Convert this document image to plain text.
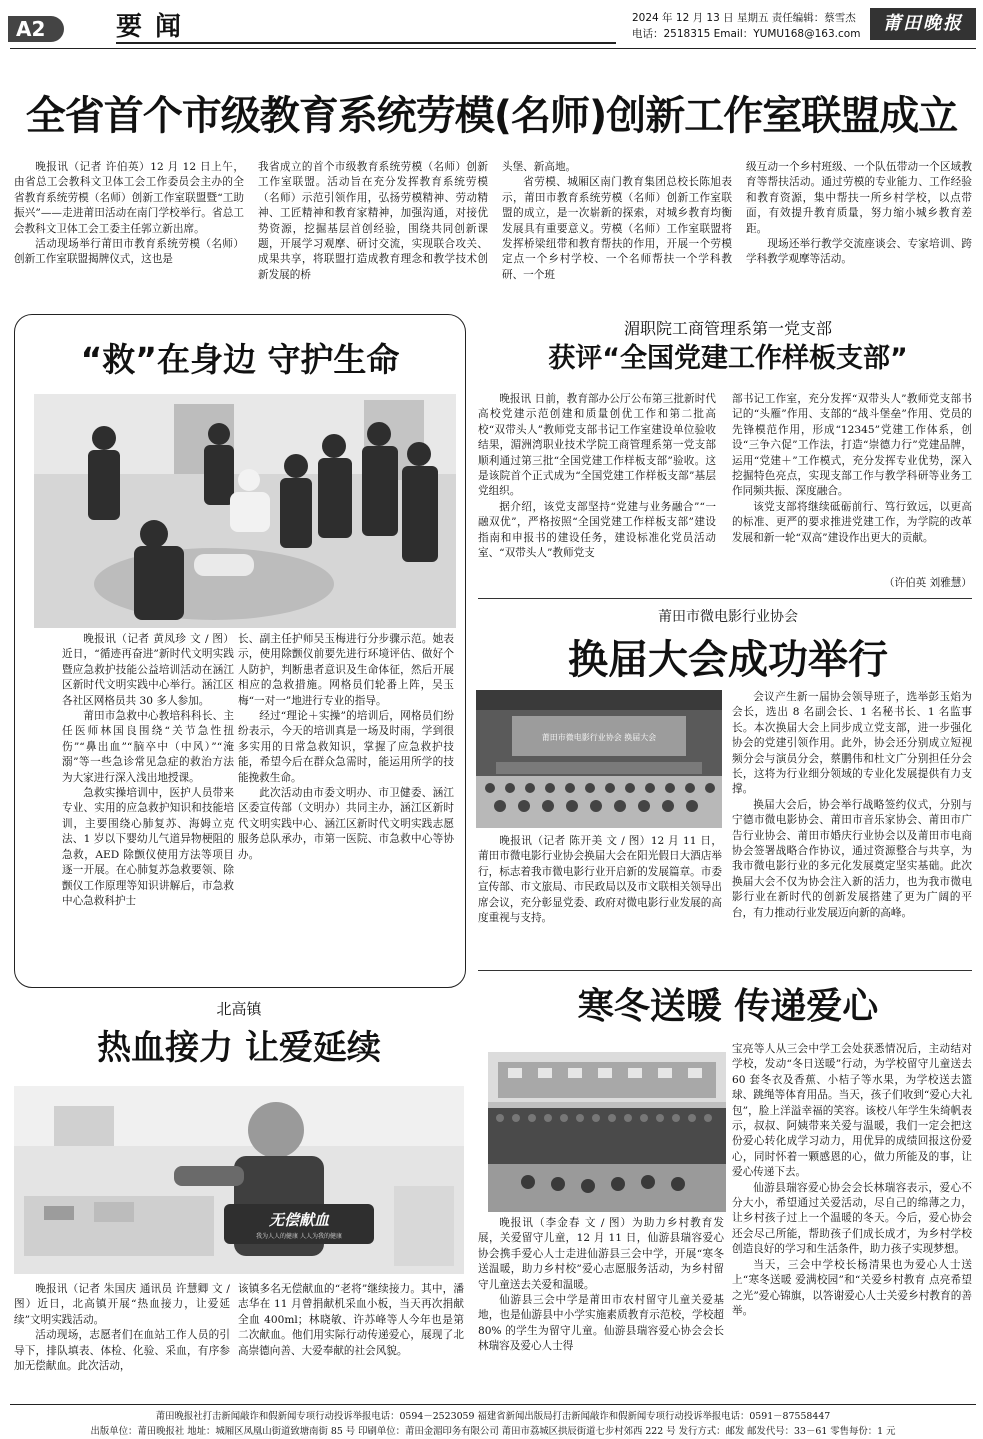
A2	要 闻	2024 年 12 月 13 日 星期五 责任编辑：蔡雪杰
电话：2518315 Email：YUMU168@163.com	莆田晚报
全省首个市级教育系统劳模(名师)创新工作室联盟成立

晚报讯（记者 许伯英）12 月 12 日上午，由省总工会教科文卫体工会工作委员会主办的全省教育系统劳模（名师）创新工作室联盟暨“工助振兴”——走进莆田活动在南门学校举行。省总工会教科文卫体工会工委主任郭立新出席。

活动现场举行莆田市教育系统劳模（名师）创新工作室联盟揭牌仪式，这也是

我省成立的首个市级教育系统劳模（名师）创新工作室联盟。活动旨在充分发挥教育系统劳模（名师）示范引领作用，弘扬劳模精神、劳动精神、工匠精神和教育家精神，加强沟通，对接优势资源，挖掘基层首创经验，围绕共同创新课题，开展学习观摩、研讨交流，实现联合攻关、成果共享，将联盟打造成教育理念和教学技术创新发展的桥

头堡、新高地。

省劳模、城厢区南门教育集团总校长陈旭表示，莆田市教育系统劳模（名师）创新工作室联盟的成立，是一次崭新的探索，对城乡教育均衡发展具有重要意义。劳模（名师）工作室联盟将发挥桥梁纽带和教育帮扶的作用，开展一个劳模定点一个乡村学校、一个名师帮扶一个学科教研、一个班

级互动一个乡村班级、一个队伍带动一个区域教育等帮扶活动。通过劳模的专业能力、工作经验和教育资源，集中帮扶一所乡村学校，以点带面，有效提升教育质量，努力缩小城乡教育差距。

现场还举行教学交流座谈会、专家培训、跨学科教学观摩等活动。

“救”在身边 守护生命

晚报讯（记者 黄凤珍 文 / 图）近日，“循迹再奋进”新时代文明实践暨应急救护技能公益培训活动在涵江区新时代文明实践中心举行。涵江区各社区网格员共 30 多人参加。

莆田市急救中心教培科科长、主任医师林国良围绕“关节急性扭伤”“鼻出血”“脑卒中（中风）”“淹溺”等一些急诊常见急症的救治方法为大家进行深入浅出地授课。

急救实操培训中，医护人员带来专业、实用的应急救护知识和技能培训，主要围绕心肺复苏、海姆立克法、1 岁以下婴幼儿气道异物梗阻的急救，AED 除颤仪使用方法等项目逐一开展。在心肺复苏急救要领、除颤仪工作原理等知识讲解后，市急救中心急救科护士

长、副主任护师吴玉梅进行分步骤示范。她表示，使用除颤仪前要先进行环境评估、做好个人防护，判断患者意识及生命体征，然后开展相应的急救措施。网格员们轮番上阵，吴玉梅“一对一”地进行专业的指导。

经过“理论＋实操”的培训后，网格员们纷纷表示，今天的培训真是一场及时雨，学到很多实用的日常急救知识，掌握了应急救护技能，希望今后在群众急需时，能运用所学的技能挽救生命。

此次活动由市委文明办、市卫健委、涵江区委宣传部（文明办）共同主办，涵江区新时代文明实践中心、涵江区新时代文明实践志愿服务总队承办，市第一医院、市急救中心等协办。

湄职院工商管理系第一党支部
获评“全国党建工作样板支部”

晚报讯 日前，教育部办公厅公布第三批新时代高校党建示范创建和质量创优工作和第二批高校“双带头人”教师党支部书记工作室建设单位验收结果，湄洲湾职业技术学院工商管理系第一党支部顺利通过第三批“全国党建工作样板支部”验收。这是该院首个正式成为“全国党建工作样板支部”基层党组织。

据介绍，该党支部坚持“党建与业务融合”“一融双优”，严格按照“全国党建工作样板支部”建设指南和申报书的建设任务，建设标准化党员活动室、“双带头人”教师党支

部书记工作室，充分发挥“双带头人”教师党支部书记的“头雁”作用、支部的“战斗堡垒”作用、党员的先锋模范作用，形成“12345”党建工作体系，创设“三争六促”工作法，打造“崇德力行”党建品牌，运用“党建＋”工作模式，充分发挥专业优势，深入挖掘特色亮点，实现支部工作与教学科研等业务工作同频共振、深度融合。

该党支部将继续砥砺前行、笃行致远，以更高的标准、更严的要求推进党建工作，为学院的改革发展和新一轮“双高”建设作出更大的贡献。

（许伯英 刘雅慧）
莆田市微电影行业协会
换届大会成功举行
莆田市微电影行业协会 换届大会

晚报讯（记者 陈开美 文 / 图）12 月 11 日，莆田市微电影行业协会换届大会在阳光假日大酒店举行，标志着我市微电影行业开启新的发展篇章。市委宣传部、市文旅局、市民政局以及市文联相关领导出席会议，充分彰显党委、政府对微电影行业发展的高度重视与支持。

会议产生新一届协会领导班子，选举彭玉焰为会长，选出 8 名副会长、1 名秘书长、1 名监事长。本次换届大会上同步成立党支部，进一步强化协会的党建引领作用。此外，协会还分别成立短视频分会与演员分会，蔡鹏伟和杜文广分别担任分会长，这将为行业细分领域的专业化发展提供有力支撑。

换届大会后，协会举行战略签约仪式，分别与宁德市微电影协会、莆田市音乐家协会、莆田市广告行业协会、莆田市婚庆行业协会以及莆田市电商协会签署战略合作协议，通过资源整合与共享，为我市微电影行业的多元化发展奠定坚实基础。此次换届大会不仅为协会注入新的活力，也为我市微电影行业在新时代的创新发展搭建了更为广阔的平台，有力推动行业发展迈向新的高峰。

北高镇
热血接力 让爱延续
无偿献血
我为人人的健康 人人为我的健康

晚报讯（记者 朱国庆 通讯员 许慧卿 文 / 图）近日，北高镇开展“热血接力，让爱延续”文明实践活动。

活动现场，志愿者们在血站工作人员的引导下，排队填表、体检、化验、采血，有序参加无偿献血。此次活动，

该镇多名无偿献血的“老将”继续接力。其中，潘志华在 11 月曾捐献机采血小板，当天再次捐献全血 400ml；林晓敏、许苏峰等人今年也是第二次献血。他们用实际行动传递爱心，展现了北高崇德向善、大爱奉献的社会风貌。

寒冬送暖 传递爱心

晚报讯（李金春 文 / 图）为助力乡村教育发展，关爱留守儿童，12 月 11 日，仙游县瑞容爱心协会携手爱心人士走进仙游县三会中学，开展“寒冬送温暖，助力乡村校”爱心志愿服务活动，为乡村留守儿童送去关爱和温暖。

仙游县三会中学是莆田市农村留守儿童关爱基地，也是仙游县中小学实施素质教育示范校，学校超 80% 的学生为留守儿童。仙游县瑞容爱心协会会长林瑞容及爱心人士得

宝亮等人从三会中学工会处获悉情况后，主动结对学校，发动“冬日送暖”行动，为学校留守儿童送去 60 套冬衣及香蕉、小桔子等水果，为学校送去篮球、跳绳等体育用品。当天，孩子们收到“爱心大礼包”，脸上洋溢幸福的笑容。该校八年学生朱绮帆表示，叔叔、阿姨带来关爱与温暖，我们一定会把这份爱心转化成学习动力，用优异的成绩回报这份爱心，同时怀着一颗感恩的心，做力所能及的事，让爱心传递下去。

仙游县瑞容爱心协会会长林瑞容表示，爱心不分大小，希望通过关爱活动，尽自己的绵薄之力，让乡村孩子过上一个温暖的冬天。今后，爱心协会还会尽己所能，帮助孩子们成长成才，为乡村学校创造良好的学习和生活条件，助力孩子实现梦想。

当天，三会中学校长杨清果也为爱心人士送上“寒冬送暖 爱满校园”和“关爱乡村教育 点亮希望之光”爱心锦旗，以答谢爱心人士关爱乡村教育的善举。

莆田晚报社打击新闻敲诈和假新闻专项行动投诉举报电话：0594－2523059 福建省新闻出版局打击新闻敲诈和假新闻专项行动投诉举报电话：0591－87558447
出版单位：莆田晚报社 地址：城厢区凤凰山街道致塘南街 85 号 印刷单位：莆田金湄印务有限公司 莆田市荔城区拱辰街道七步村郊西 222 号 发行方式：邮发 邮发代号：33－61 零售每份：1 元
